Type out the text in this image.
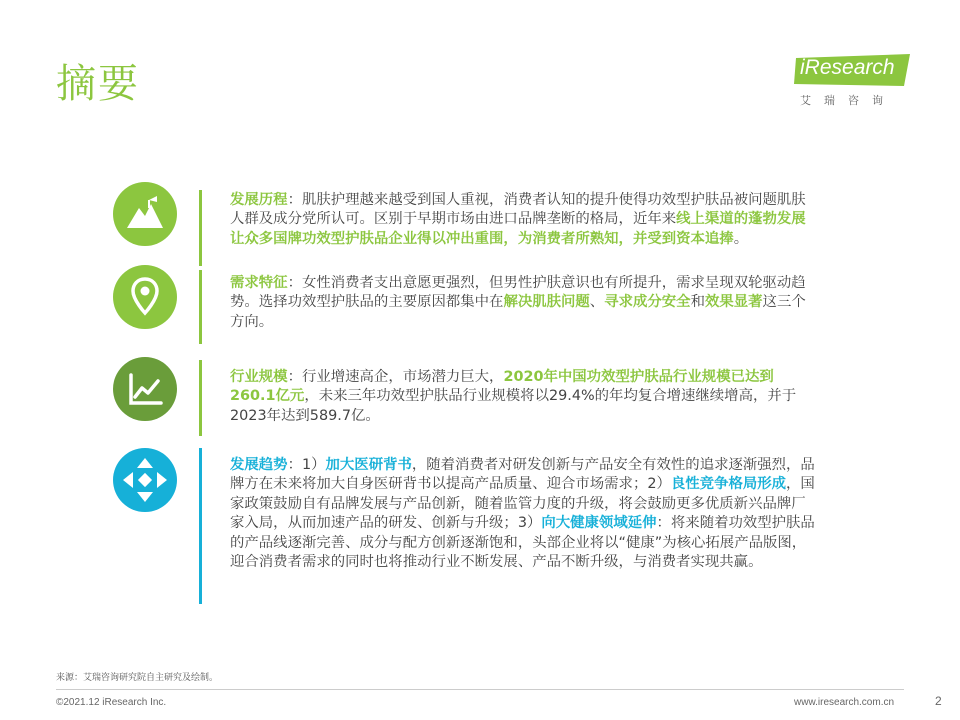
摘要	iResearch
艾瑞咨询
发展历程：肌肤护理越来越受到国人重视，消费者认知的提升使得功效型护肤品被问题肌肤人群及成分党所认可。区别于早期市场由进口品牌垄断的格局，近年来线上渠道的蓬勃发展让众多国牌功效型护肤品企业得以冲出重围，为消费者所熟知，并受到资本追捧。
需求特征：女性消费者支出意愿更强烈，但男性护肤意识也有所提升，需求呈现双轮驱动趋势。选择功效型护肤品的主要原因都集中在解决肌肤问题、寻求成分安全和效果显著这三个方向。
行业规模：行业增速高企，市场潜力巨大，2020年中国功效型护肤品行业规模已达到260.1亿元，未来三年功效型护肤品行业规模将以29.4%的年均复合增速继续增高，并于2023年达到589.7亿。
发展趋势：1）加大医研背书，随着消费者对研发创新与产品安全有效性的追求逐渐强烈，品牌方在未来将加大自身医研背书以提高产品质量、迎合市场需求；2）良性竞争格局形成，国家政策鼓励自有品牌发展与产品创新，随着监管力度的升级，将会鼓励更多优质新兴品牌厂家入局，从而加速产品的研发、创新与升级；3）向大健康领域延伸：将来随着功效型护肤品的产品线逐渐完善、成分与配方创新逐渐饱和，头部企业将以“健康”为核心拓展产品版图，迎合消费者需求的同时也将推动行业不断发展、产品不断升级，与消费者实现共赢。
来源：艾瑞咨询研究院自主研究及绘制。
©2021.12 iResearch Inc.	www.iresearch.com.cn	2
